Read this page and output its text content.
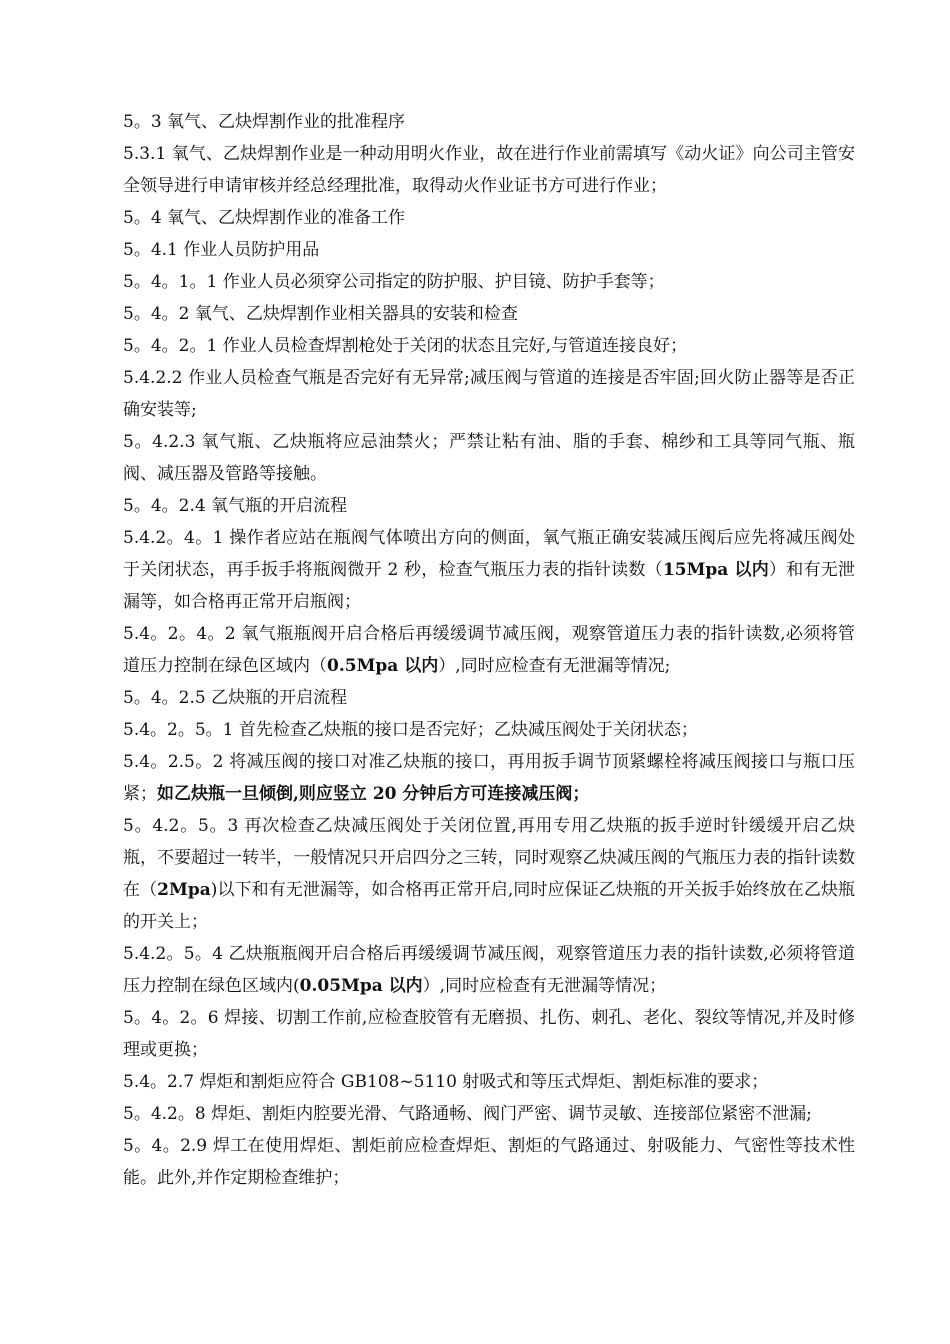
5。3 氧气、乙炔焊割作业的批准程序

5.3.1 氧气、乙炔焊割作业是一种动用明火作业，故在进行作业前需填写《动火证》向公司主管安全领导进行申请审核并经总经理批准，取得动火作业证书方可进行作业；

5。4 氧气、乙炔焊割作业的准备工作

5。4.1 作业人员防护用品

5。4。1。1 作业人员必须穿公司指定的防护服、护目镜、防护手套等；

5。4。2 氧气、乙炔焊割作业相关器具的安装和检查

5。4。2。1 作业人员检查焊割枪处于关闭的状态且完好,与管道连接良好；

5.4.2.2 作业人员检查气瓶是否完好有无异常;减压阀与管道的连接是否牢固;回火防止器等是否正确安装等;

5。4.2.3 氧气瓶、乙炔瓶将应忌油禁火；严禁让粘有油、脂的手套、棉纱和工具等同气瓶、瓶阀、减压器及管路等接触。

5。4。2.4 氧气瓶的开启流程

5.4.2。4。1 操作者应站在瓶阀气体喷出方向的侧面，氧气瓶正确安装减压阀后应先将减压阀处于关闭状态，再手扳手将瓶阀微开 2 秒，检查气瓶压力表的指针读数（15Mpa 以内）和有无泄漏等，如合格再正常开启瓶阀；

5.4。2。4。2 氧气瓶瓶阀开启合格后再缓缓调节减压阀，观察管道压力表的指针读数,必须将管道压力控制在绿色区域内（0.5Mpa 以内）,同时应检查有无泄漏等情况;

5。4。2.5 乙炔瓶的开启流程

5.4。2。5。1 首先检查乙炔瓶的接口是否完好；乙炔减压阀处于关闭状态；

5.4。2.5。2 将减压阀的接口对准乙炔瓶的接口，再用扳手调节顶紧螺栓将减压阀接口与瓶口压紧；如乙炔瓶一旦倾倒,则应竖立 20 分钟后方可连接减压阀；

5。4.2。5。3 再次检查乙炔减压阀处于关闭位置,再用专用乙炔瓶的扳手逆时针缓缓开启乙炔瓶，不要超过一转半，一般情况只开启四分之三转，同时观察乙炔减压阀的气瓶压力表的指针读数在（2Mpa)以下和有无泄漏等，如合格再正常开启,同时应保证乙炔瓶的开关扳手始终放在乙炔瓶的开关上；

5.4.2。5。4 乙炔瓶瓶阀开启合格后再缓缓调节减压阀，观察管道压力表的指针读数,必须将管道压力控制在绿色区域内(0.05Mpa 以内）,同时应检查有无泄漏等情况；

5。4。2。6 焊接、切割工作前,应检查胶管有无磨损、扎伤、刺孔、老化、裂纹等情况,并及时修理或更换；

5.4。2.7 焊炬和割炬应符合 GB108~5110 射吸式和等压式焊炬、割炬标准的要求；

5。4.2。8 焊炬、割炬内腔要光滑、气路通畅、阀门严密、调节灵敏、连接部位紧密不泄漏;

5。4。2.9 焊工在使用焊炬、割炬前应检查焊炬、割炬的气路通过、射吸能力、气密性等技术性能。此外,并作定期检查维护；
